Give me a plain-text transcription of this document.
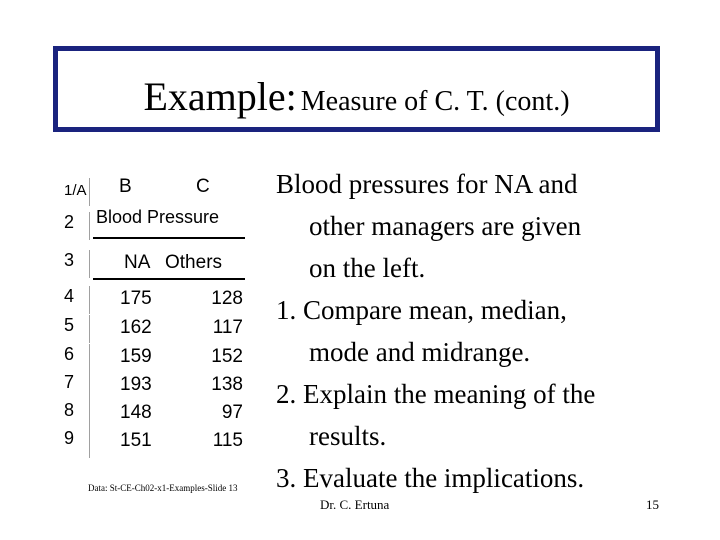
Example: Measure of C. T. (cont.)
1/A B	C
2	Blood Pressure
3	NA Others
4	175	128
5	162	117
6	159	152
7	193	138
8	148	97
9	151	115
Data: St-CE-Ch02-x1-Examples-Slide 13
Blood pressures for NA and
other managers are given
on the left.
1. Compare mean, median,
mode and midrange.
2. Explain the meaning of the
results.
3. Evaluate the implications.
Dr. C. Ertuna	15
